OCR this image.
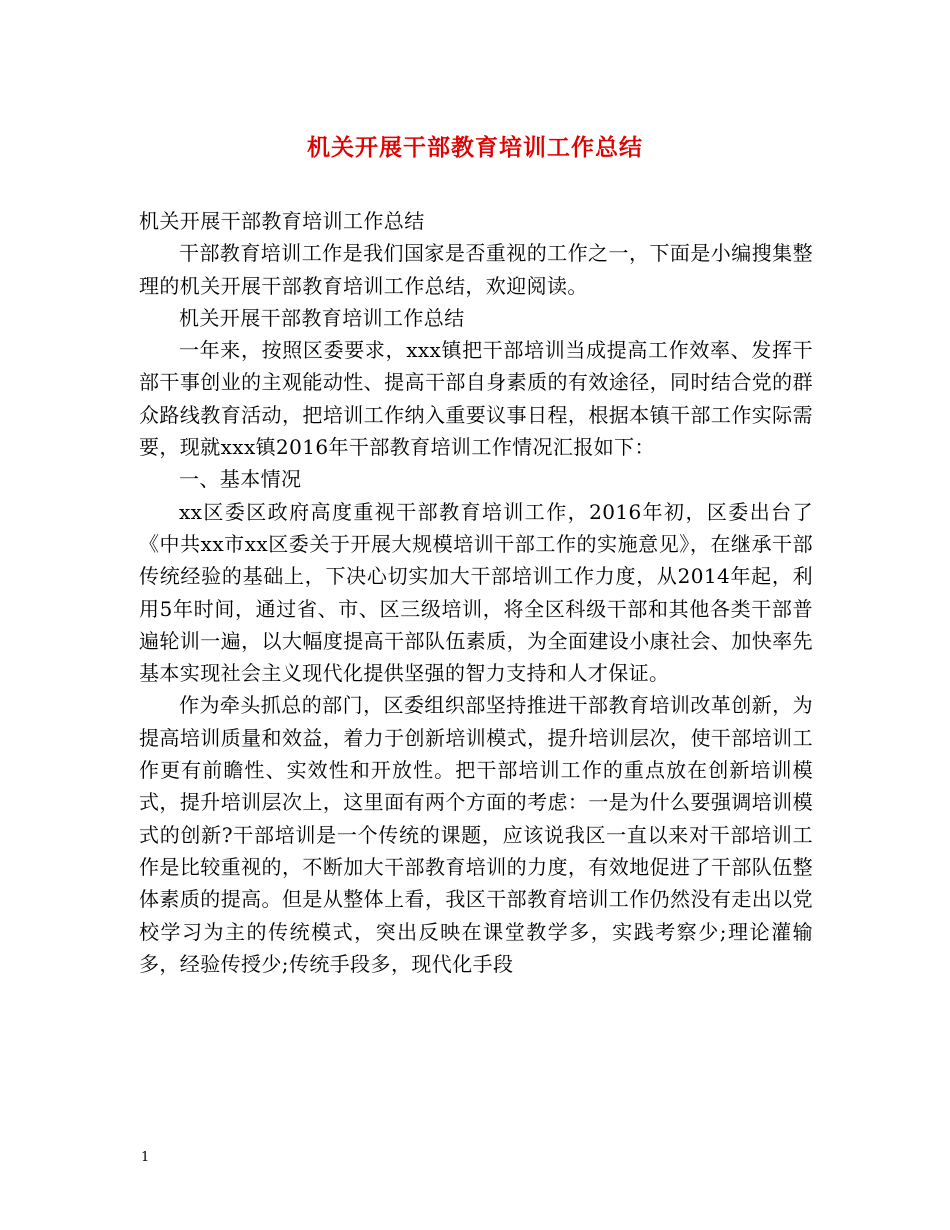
机关开展干部教育培训工作总结

机关开展干部教育培训工作总结

干部教育培训工作是我们国家是否重视的工作之一，下面是小编搜集整理的机关开展干部教育培训工作总结，欢迎阅读。

机关开展干部教育培训工作总结

一年来，按照区委要求，xxx镇把干部培训当成提高工作效率、发挥干部干事创业的主观能动性、提高干部自身素质的有效途径，同时结合党的群众路线教育活动，把培训工作纳入重要议事日程，根据本镇干部工作实际需要，现就xxx镇2016年干部教育培训工作情况汇报如下：

一、基本情况

xx区委区政府高度重视干部教育培训工作，2016年初，区委出台了《中共xx市xx区委关于开展大规模培训干部工作的实施意见》，在继承干部传统经验的基础上，下决心切实加大干部培训工作力度，从2014年起，利用5年时间，通过省、市、区三级培训，将全区科级干部和其他各类干部普遍轮训一遍，以大幅度提高干部队伍素质，为全面建设小康社会、加快率先基本实现社会主义现代化提供坚强的智力支持和人才保证。

作为牵头抓总的部门，区委组织部坚持推进干部教育培训改革创新，为提高培训质量和效益，着力于创新培训模式，提升培训层次，使干部培训工作更有前瞻性、实效性和开放性。把干部培训工作的重点放在创新培训模式，提升培训层次上，这里面有两个方面的考虑：一是为什么要强调培训模式的创新?干部培训是一个传统的课题，应该说我区一直以来对干部培训工作是比较重视的，不断加大干部教育培训的力度，有效地促进了干部队伍整体素质的提高。但是从整体上看，我区干部教育培训工作仍然没有走出以党校学习为主的传统模式，突出反映在课堂教学多，实践考察少;理论灌输多，经验传授少;传统手段多，现代化手段

1
